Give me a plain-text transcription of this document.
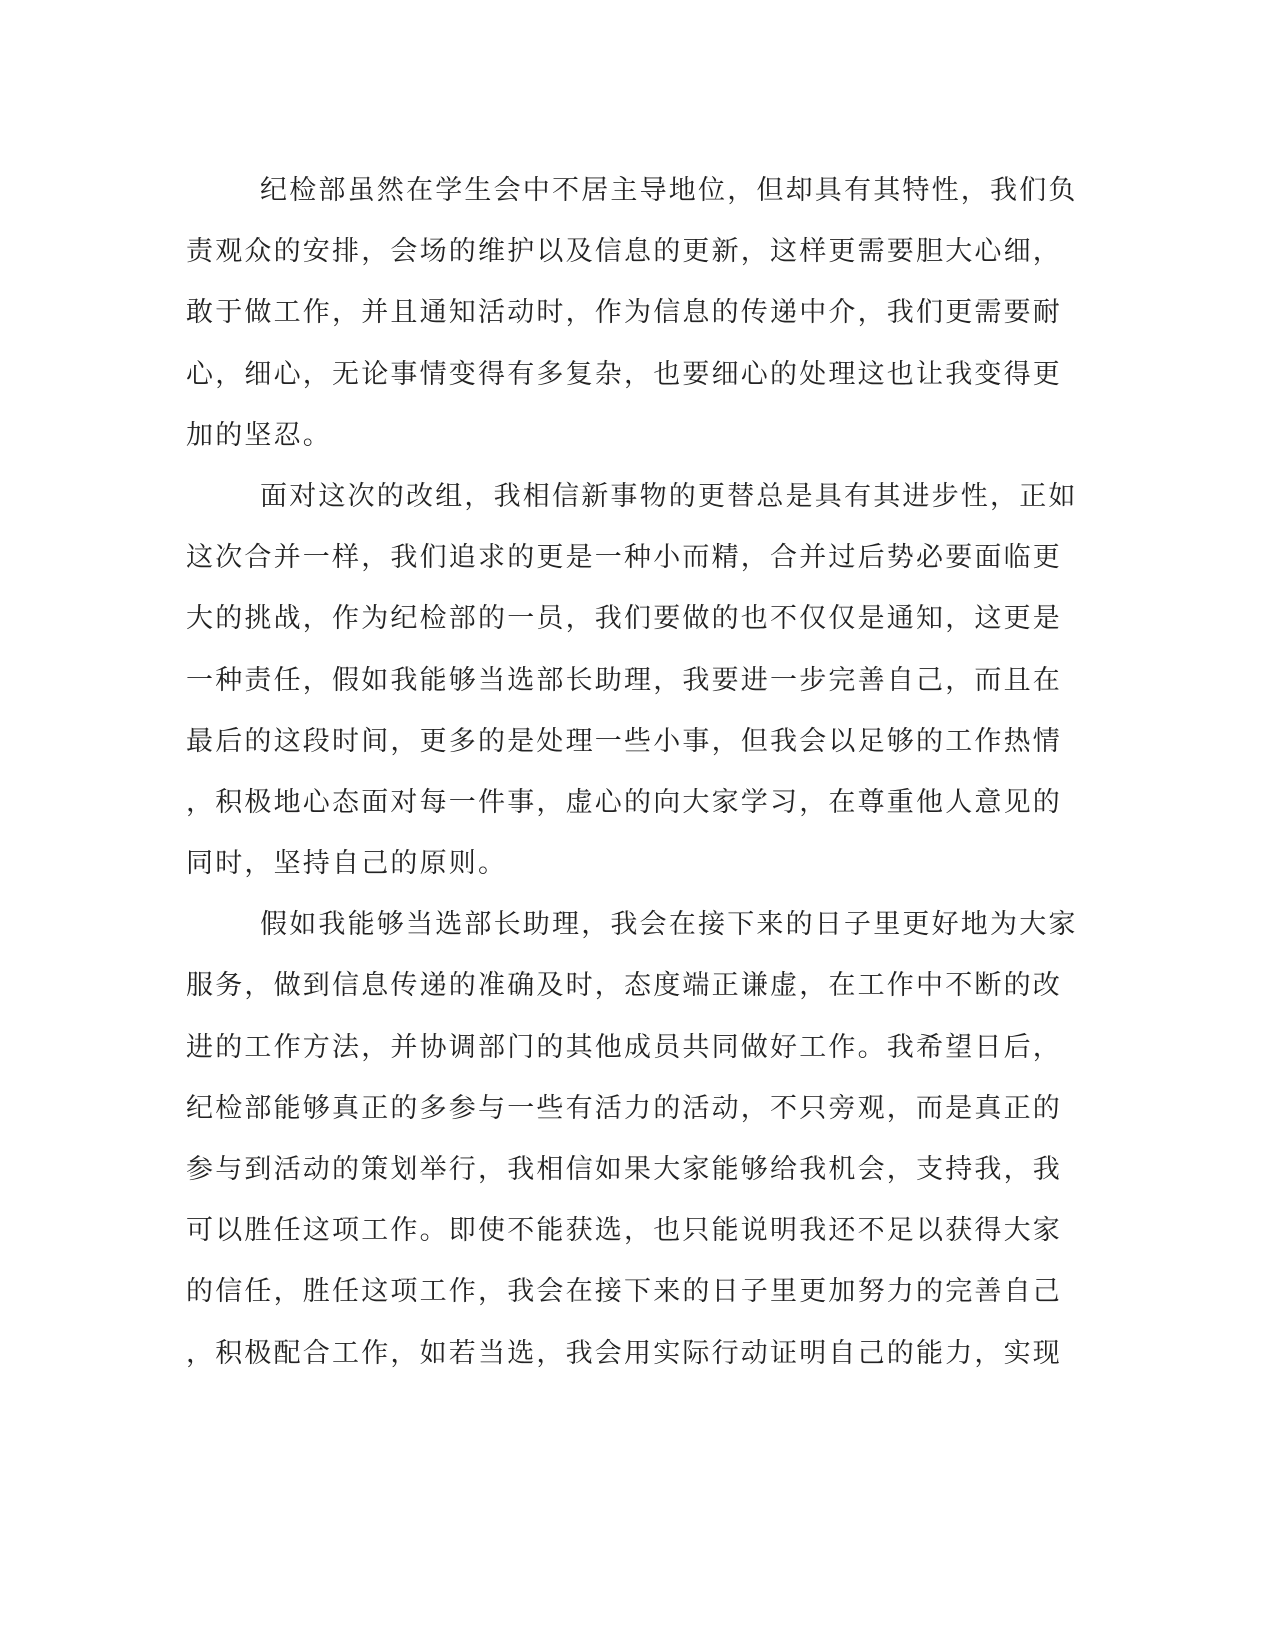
纪检部虽然在学生会中不居主导地位，但却具有其特性，我们负
责观众的安排，会场的维护以及信息的更新，这样更需要胆大心细，
敢于做工作，并且通知活动时，作为信息的传递中介，我们更需要耐
心，细心，无论事情变得有多复杂，也要细心的处理这也让我变得更
加的坚忍。
面对这次的改组，我相信新事物的更替总是具有其进步性，正如
这次合并一样，我们追求的更是一种小而精，合并过后势必要面临更
大的挑战，作为纪检部的一员，我们要做的也不仅仅是通知，这更是
一种责任，假如我能够当选部长助理，我要进一步完善自己，而且在
最后的这段时间，更多的是处理一些小事，但我会以足够的工作热情
，积极地心态面对每一件事，虚心的向大家学习，在尊重他人意见的
同时，坚持自己的原则。
假如我能够当选部长助理，我会在接下来的日子里更好地为大家
服务，做到信息传递的准确及时，态度端正谦虚，在工作中不断的改
进的工作方法，并协调部门的其他成员共同做好工作。我希望日后，
纪检部能够真正的多参与一些有活力的活动，不只旁观，而是真正的
参与到活动的策划举行，我相信如果大家能够给我机会，支持我，我
可以胜任这项工作。即使不能获选，也只能说明我还不足以获得大家
的信任，胜任这项工作，我会在接下来的日子里更加努力的完善自己
，积极配合工作，如若当选，我会用实际行动证明自己的能力，实现
